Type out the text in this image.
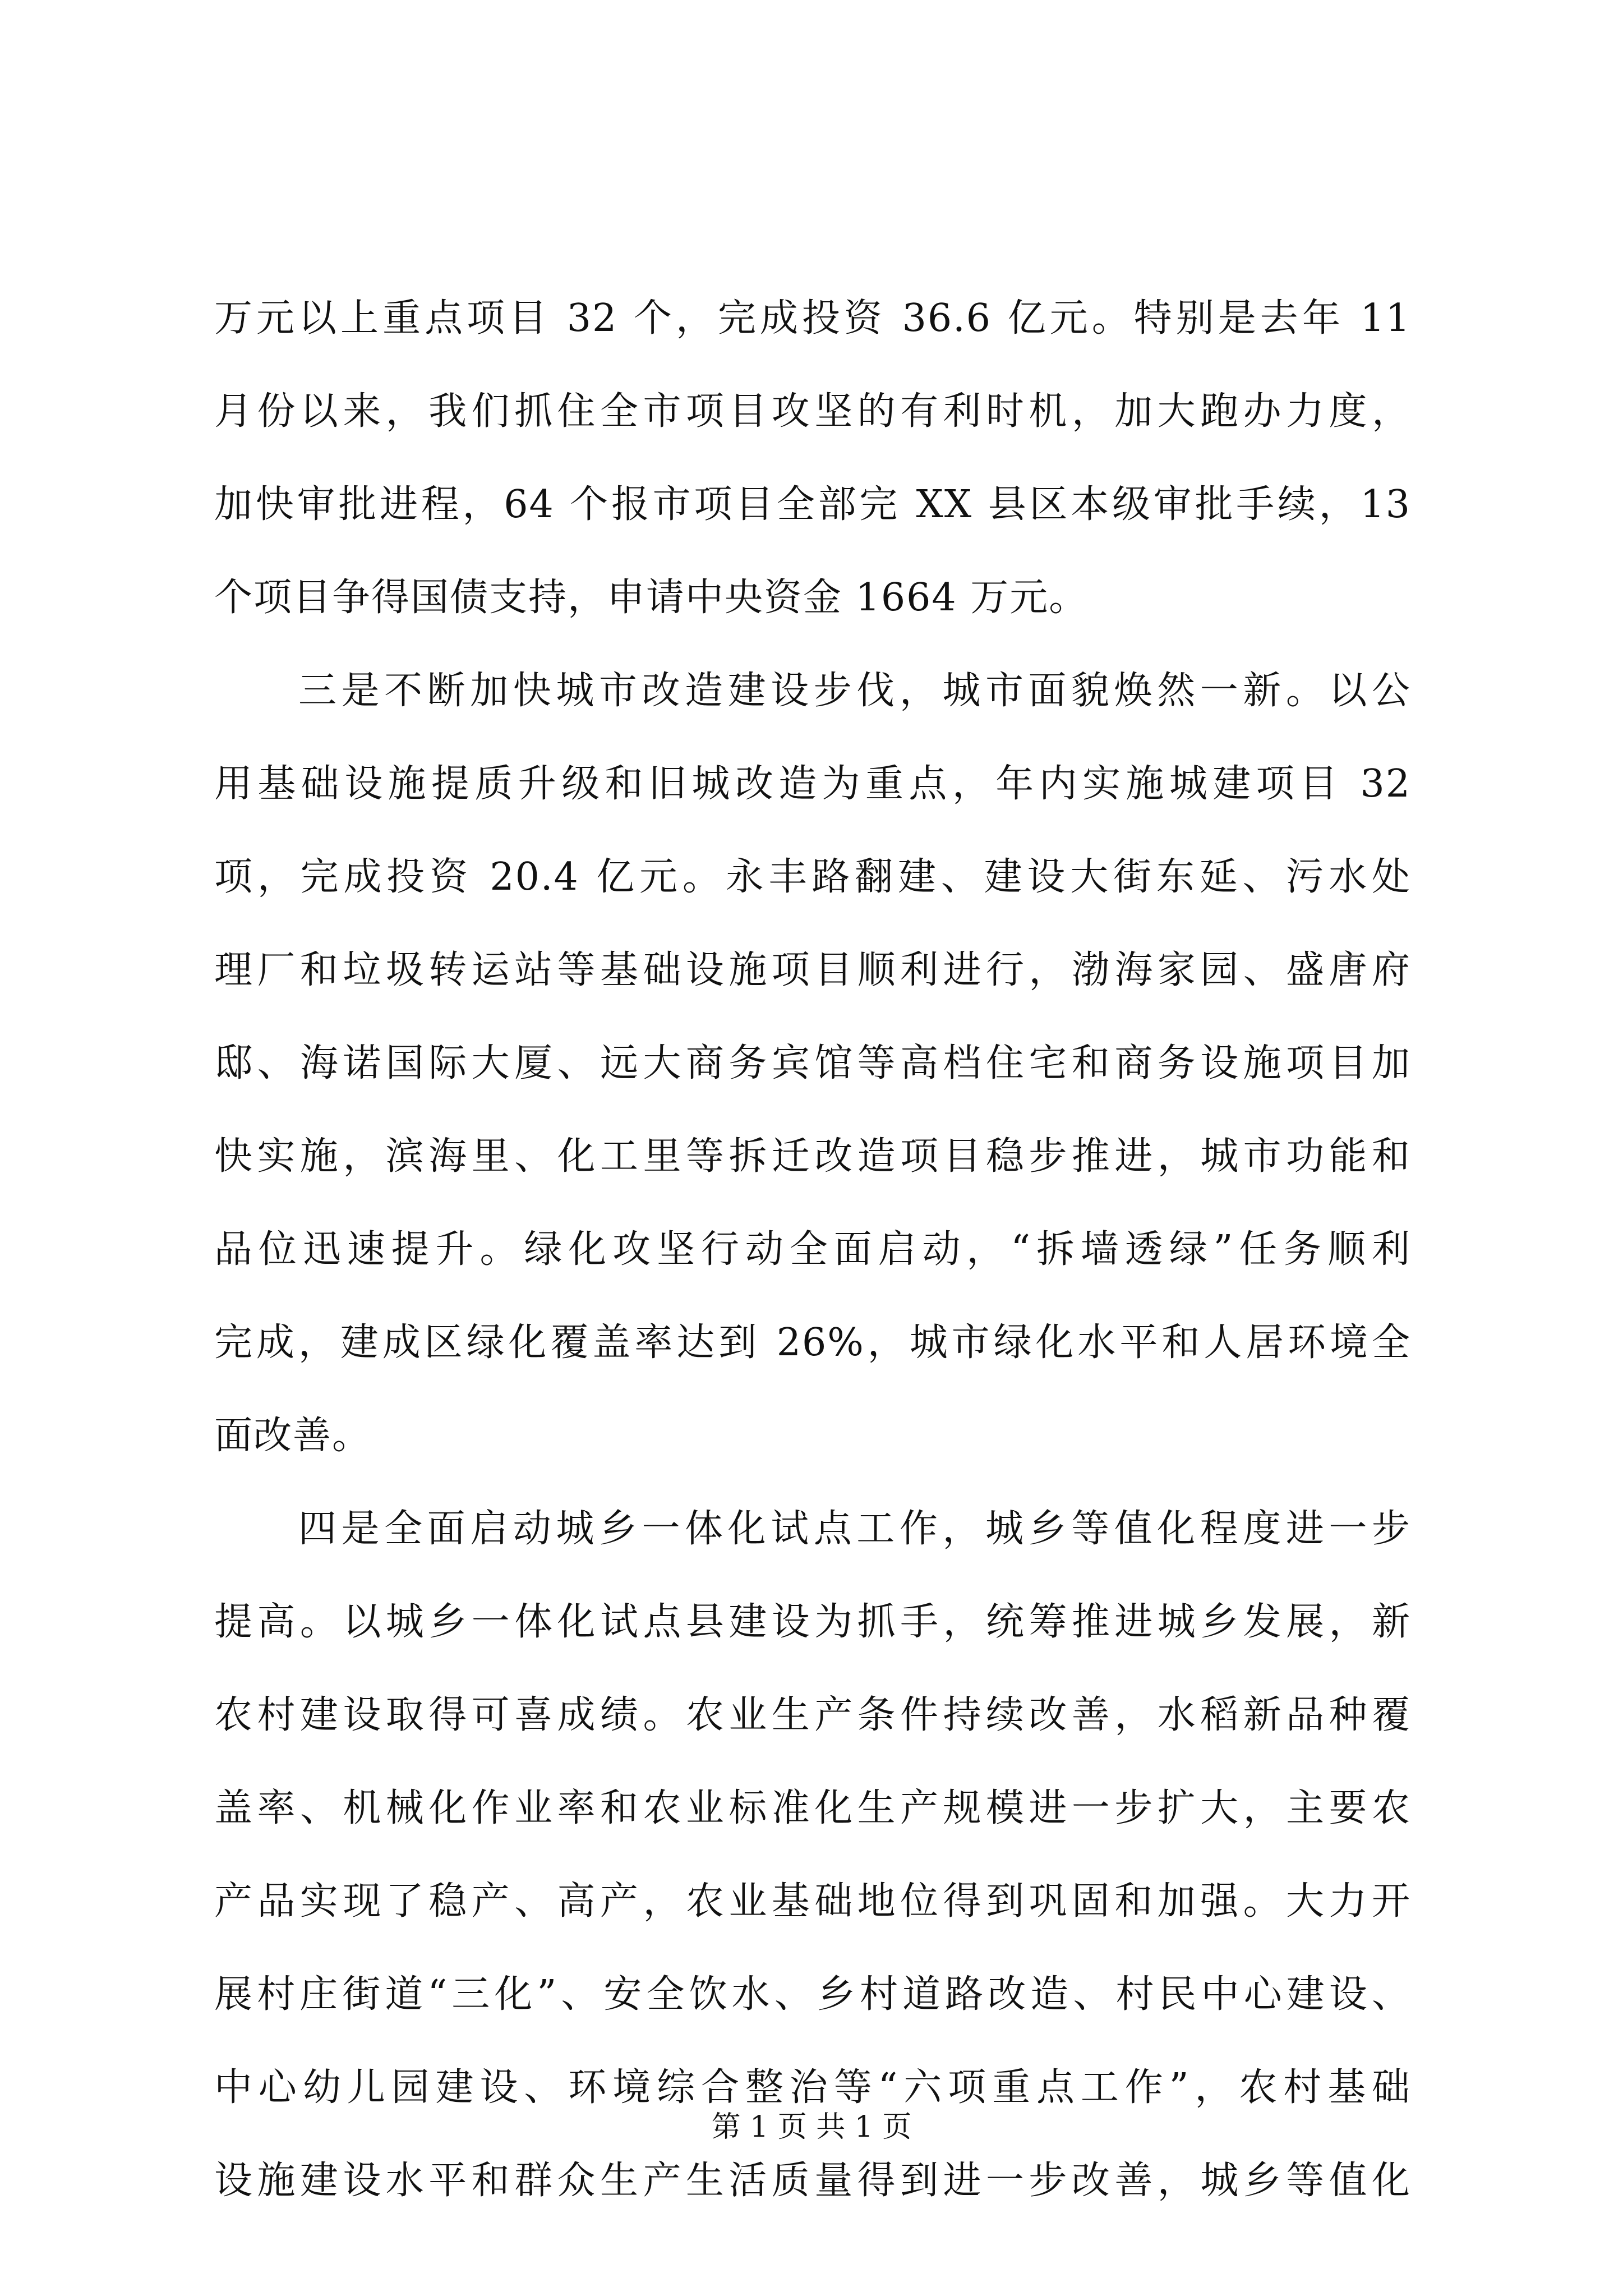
万元以上重点项目 32 个，完成投资 36.6 亿元。特别是去年 11
月份以来，我们抓住全市项目攻坚的有利时机，加大跑办力度，
加快审批进程，64 个报市项目全部完 XX 县区本级审批手续，13
个项目争得国债支持，申请中央资金 1664 万元。
三是不断加快城市改造建设步伐，城市面貌焕然一新。以公
用基础设施提质升级和旧城改造为重点，年内实施城建项目 32
项，完成投资 20.4 亿元。永丰路翻建、建设大街东延、污水处
理厂和垃圾转运站等基础设施项目顺利进行，渤海家园、盛唐府
邸、海诺国际大厦、远大商务宾馆等高档住宅和商务设施项目加
快实施，滨海里、化工里等拆迁改造项目稳步推进，城市功能和
品位迅速提升。绿化攻坚行动全面启动，“拆墙透绿”任务顺利
完成，建成区绿化覆盖率达到 26%，城市绿化水平和人居环境全
面改善。
四是全面启动城乡一体化试点工作，城乡等值化程度进一步
提高。以城乡一体化试点县建设为抓手，统筹推进城乡发展，新
农村建设取得可喜成绩。农业生产条件持续改善，水稻新品种覆
盖率、机械化作业率和农业标准化生产规模进一步扩大，主要农
产品实现了稳产、高产，农业基础地位得到巩固和加强。大力开
展村庄街道“三化”、安全饮水、乡村道路改造、村民中心建设、
中心幼儿园建设、环境综合整治等“六项重点工作”，农村基础
设施建设水平和群众生产生活质量得到进一步改善，城乡等值化
第 1 页 共 1 页
